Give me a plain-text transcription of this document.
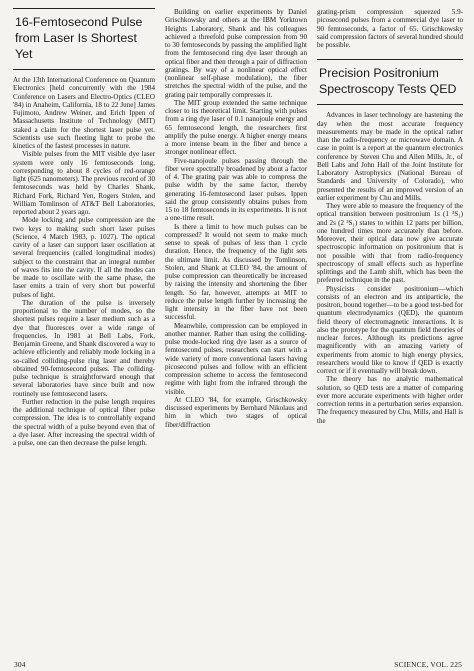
16-Femtosecond Pulse from Laser Is Shortest Yet

At the 13th International Conference on Quantum Electronics [held concurrently with the 1984 Conference on Lasers and Electro-Optics (CLEO '84) in Anaheim, California, 18 to 22 June] James Fujimoto, Andrew Weiner, and Erich Ippen of Massachusetts Institute of Technology (MIT) staked a claim for the shortest laser pulse yet. Scientists use such fleeting light to probe the kinetics of the fastest processes in nature.

Visible pulses from the MIT visible dye laser system were only 16 femtoseconds long, corresponding to about 8 cycles of red-orange light (625 nanometers). The previous record of 30 femtoseconds was held by Charles Shank, Richard Fork, Richard Yen, Rogers Stolen, and William Tomlinson of AT&T Bell Laboratories, reported about 2 years ago.

Mode locking and pulse compression are the two keys to making such short laser pulses (Science, 4 March 1983, p. 1027). The optical cavity of a laser can support laser oscillation at several frequencies (called longitudinal modes) subject to the constraint that an integral number of waves fits into the cavity. If all the modes can be made to oscillate with the same phase, the laser emits a train of very short but powerful pulses of light.

The duration of the pulse is inversely proportional to the number of modes, so the shortest pulses require a laser medium such as a dye that fluoresces over a wide range of frequencies. In 1981 at Bell Labs, Fork, Benjamin Greene, and Shank discovered a way to achieve efficiently and reliably mode locking in a so-called colliding-pulse ring laser and thereby obtained 90-femtosecond pulses. The colliding-pulse technique is straightforward enough that several laboratories have since built and now routinely use femtosecond lasers.

Further reduction in the pulse length requires the additional technique of optical fiber pulse compression. The idea is to controllably expand the spectral width of a pulse beyond even that of a dye laser. After increasing the spectral width of a pulse, one can then decrease the pulse length.

Building on earlier experiments by Daniel Grischkowsky and others at the IBM Yorktown Heights Laboratory, Shank and his colleagues achieved a threefold pulse compression from 90 to 30 femtoseconds by passing the amplified light from the femtosecond ring dye laser through an optical fiber and then through a pair of diffraction gratings. By way of a nonlinear optical effect (nonlinear self-phase modulation), the fiber stretches the spectral width of the pulse, and the grating pair temporally compresses it.

The MIT group extended the same technique closer to its theoretical limit. Starting with pulses from a ring dye laser of 0.1 nanojoule energy and 65 femtosecond length, the researchers first amplify the pulse energy. A higher energy means a more intense beam in the fiber and hence a stronger nonlinear effect.

Five-nanojoule pulses passing through the fiber were spectrally broadened by about a factor of 4. The grating pair was able to compress the pulse width by the same factor, thereby generating 16-femtosecond laser pulses. Ippen said the group consistently obtains pulses from 15 to 18 femtoseconds in its experiments. It is not a one-time result.

Is there a limit to how much pulses can be compressed? It would not seem to make much sense to speak of pulses of less than 1 cycle duration. Hence, the frequency of the light sets the ultimate limit. As discussed by Tomlinson, Stolen, and Shank at CLEO '84, the amount of pulse compression can theoretically be increased by raising the intensity and shortening the fiber length. So far, however, attempts at MIT to reduce the pulse length further by increasing the light intensity in the fiber have not been successful.

Meanwhile, compression can be employed in another manner. Rather than using the colliding-pulse mode-locked ring dye laser as a source of femtosecond pulses, researchers can start with a wide variety of more conventional lasers having picosecond pulses and follow with an efficient compression scheme to access the femtosecond regime with light from the infrared through the visible.

At CLEO '84, for example, Grischkowsky discussed experiments by Bernhard Nikolaus and him in which two stages of optical fiber/diffraction

grating-prism compression squeezed 5.9-picosecond pulses from a commercial dye laser to 90 femtoseconds, a factor of 65. Grischkowsky said compression factors of several hundred should be possible.

Precision Positronium Spectroscopy Tests QED

Advances in laser technology are hastening the day when the most accurate frequency measurements may be made in the optical rather than the radio-frequency or microwave domain. A case in point is a report at the quantum electronics conference by Steven Chu and Allen Mills, Jr., of Bell Labs and John Hall of the Joint Institute for Laboratory Astrophysics (National Bureau of Standards and University of Colorado), who presented the results of an improved version of an earlier experiment by Chu and Mills.

They were able to measure the frequency of the optical transition between positronium 1s (1 ³S₁) and 2s (2 ³S₁) states to within 12 parts per billion, one hundred times more accurately than before. Moreover, their optical data now give accurate spectroscopic information on positronium that is not possible with that from radio-frequency spectroscopy of small effects such as hyperfine splittings and the Lamb shift, which has been the preferred technique in the past.

Physicists consider positronium—which consists of an electron and its antiparticle, the positron, bound together—to be a good test-bed for quantum electrodynamics (QED), the quantum field theory of electromagnetic interactions. It is also the prototype for the quantum field theories of nuclear forces. Although its predictions agree magnificently with an amazing variety of experiments from atomic to high energy physics, researchers would like to know if QED is exactly correct or if it eventually will break down.

The theory has no analytic mathematical solution, so QED tests are a matter of comparing ever more accurate experiments with higher order correction terms in a perturbation series expansion. The frequency measured by Chu, Mills, and Hall is the

304	SCIENCE, VOL. 225
